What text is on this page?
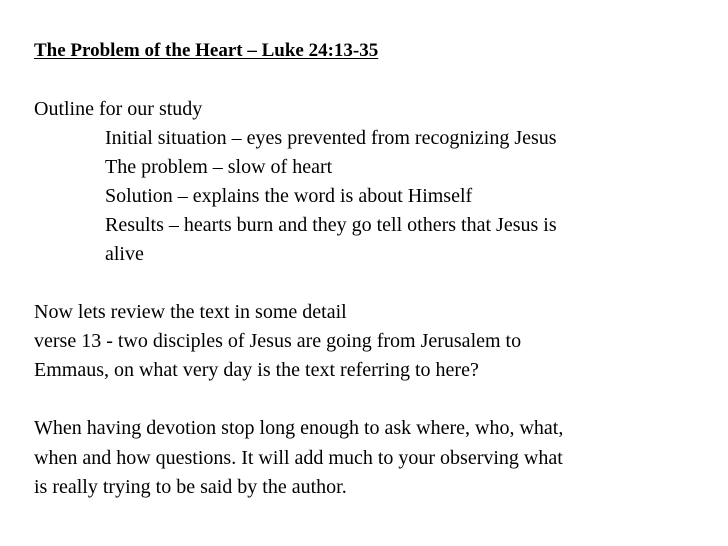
The Problem of the Heart – Luke 24:13-35
Outline for our study
Initial situation – eyes prevented from recognizing Jesus
The problem – slow of heart
Solution – explains the word is about Himself
Results – hearts burn and they go tell others that Jesus is
alive
Now lets review the text in some detail
verse 13 - two disciples of Jesus are going from Jerusalem to
Emmaus, on what very day is the text referring to here?
When having devotion stop long enough to ask where, who, what,
when and how questions. It will add much to your observing what
is really trying to be said by the author.
